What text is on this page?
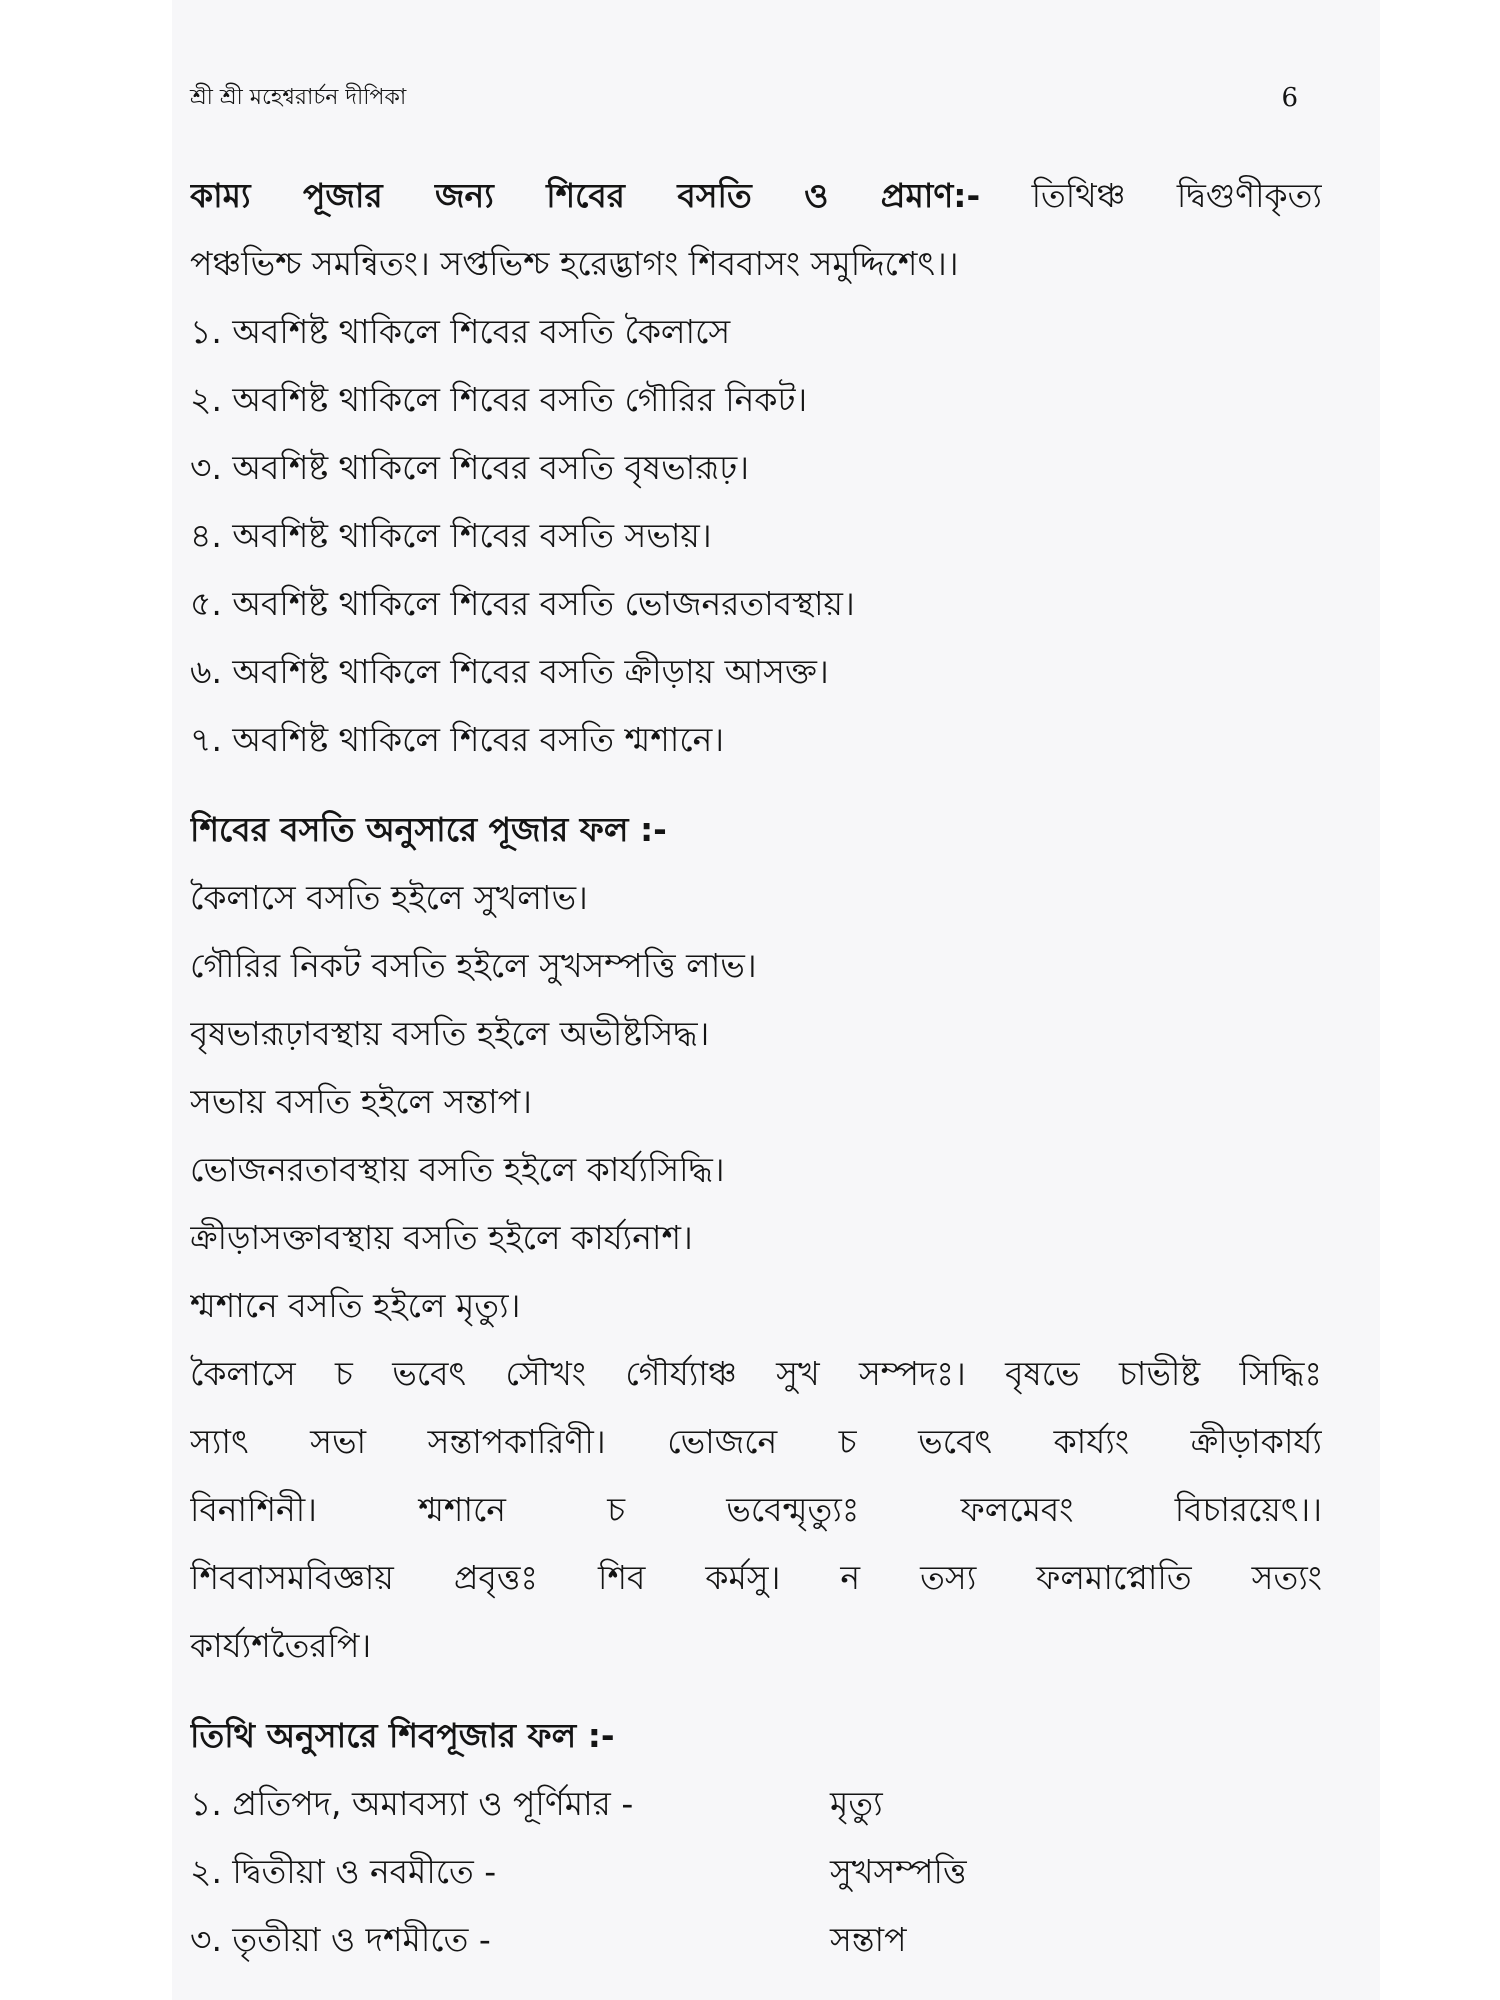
শ্রী শ্রী মহেশ্বরার্চন দীপিকা	6
কাম্য পূজার জন্য শিবের বসতি ও প্রমাণ:- তিথিঞ্চ দ্বিগুণীকৃত্য
পঞ্চভিশ্চ সমন্বিতং। সপ্তভিশ্চ হরেদ্ভাগং শিববাসং সমুদ্দিশেৎ।।
১. অবশিষ্ট থাকিলে শিবের বসতি কৈলাসে
২. অবশিষ্ট থাকিলে শিবের বসতি গৌরির নিকট।
৩. অবশিষ্ট থাকিলে শিবের বসতি বৃষভারূঢ়।
৪. অবশিষ্ট থাকিলে শিবের বসতি সভায়।
৫. অবশিষ্ট থাকিলে শিবের বসতি ভোজনরতাবস্থায়।
৬. অবশিষ্ট থাকিলে শিবের বসতি ক্রীড়ায় আসক্ত।
৭. অবশিষ্ট থাকিলে শিবের বসতি শ্মশানে।
শিবের বসতি অনুসারে পূজার ফল :-
কৈলাসে বসতি হইলে সুখলাভ।
গৌরির নিকট বসতি হইলে সুখসম্পত্তি লাভ।
বৃষভারূঢ়াবস্থায় বসতি হইলে অভীষ্টসিদ্ধ।
সভায় বসতি হইলে সন্তাপ।
ভোজনরতাবস্থায় বসতি হইলে কার্য্যসিদ্ধি।
ক্রীড়াসক্তাবস্থায় বসতি হইলে কার্য্যনাশ।
শ্মশানে বসতি হইলে মৃত্যু।
কৈলাসে চ ভবেৎ সৌখং গৌর্য্যাঞ্চ সুখ সম্পদঃ। বৃষভে চাভীষ্ট সিদ্ধিঃ
স্যাৎ সভা সন্তাপকারিণী। ভোজনে চ ভবেৎ কার্য্যং ক্রীড়াকার্য্য
বিনাশিনী। শ্মশানে চ ভবেন্মৃত্যুঃ ফলমেবং বিচারয়েৎ।।
শিববাসমবিজ্ঞায় প্রবৃত্তঃ শিব কর্মসু। ন তস্য ফলমাপ্নোতি সত্যং
কার্য্যশতৈরপি।
তিথি অনুসারে শিবপূজার ফল :-
১. প্রতিপদ, অমাবস্যা ও পূর্ণিমার -	মৃত্যু
২. দ্বিতীয়া ও নবমীতে -	সুখসম্পত্তি
৩. তৃতীয়া ও দশমীতে -	সন্তাপ
